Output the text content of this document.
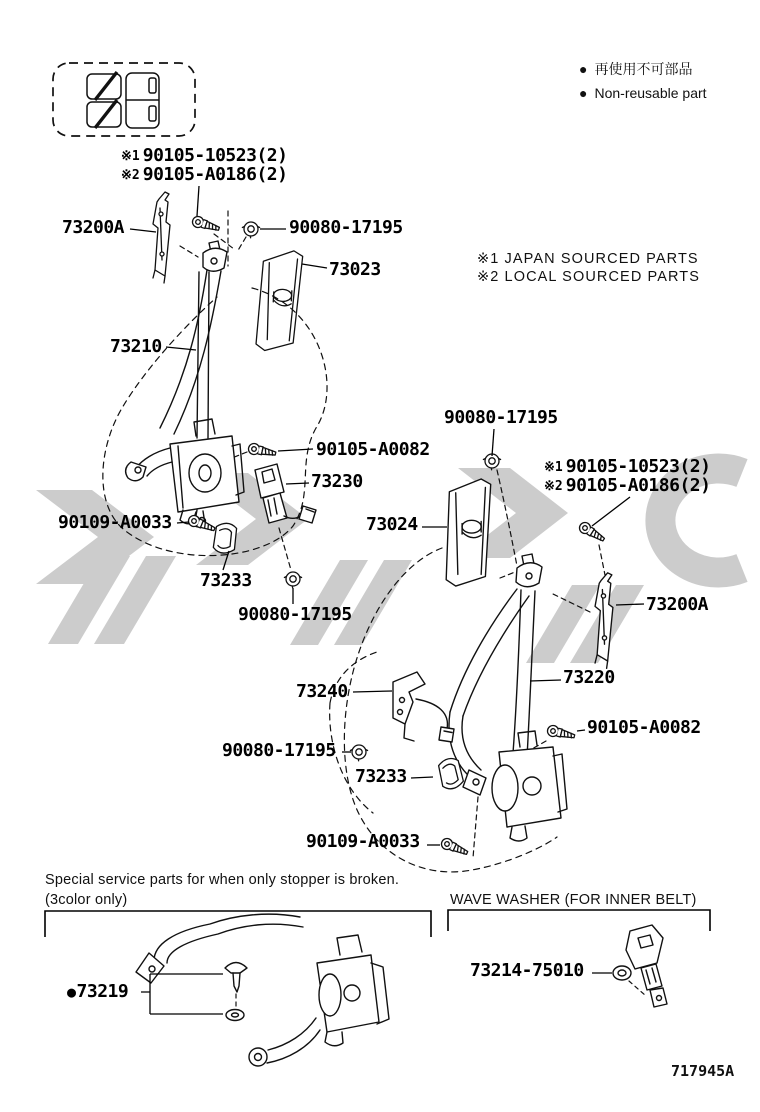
● 再使用不可部品
● Non-reusable part
※1 JAPAN SOURCED PARTS
※2 LOCAL SOURCED PARTS
Special service parts for when only stopper is broken.
(3color only)	WAVE WASHER (FOR INNER BELT)
717945A
※1 90105-10523(2)
※2 90105-A0186(2)
73200A	90080-17195
73023
73210
90080-17195
90105-A0082
73230
※1 90105-10523(2)
※2 90105-A0186(2)
73024
90109-A0033
73233
73200A
90080-17195
73220
73240
90105-A0082
90080-17195
73233
90109-A0033
●73219
73214-75010
